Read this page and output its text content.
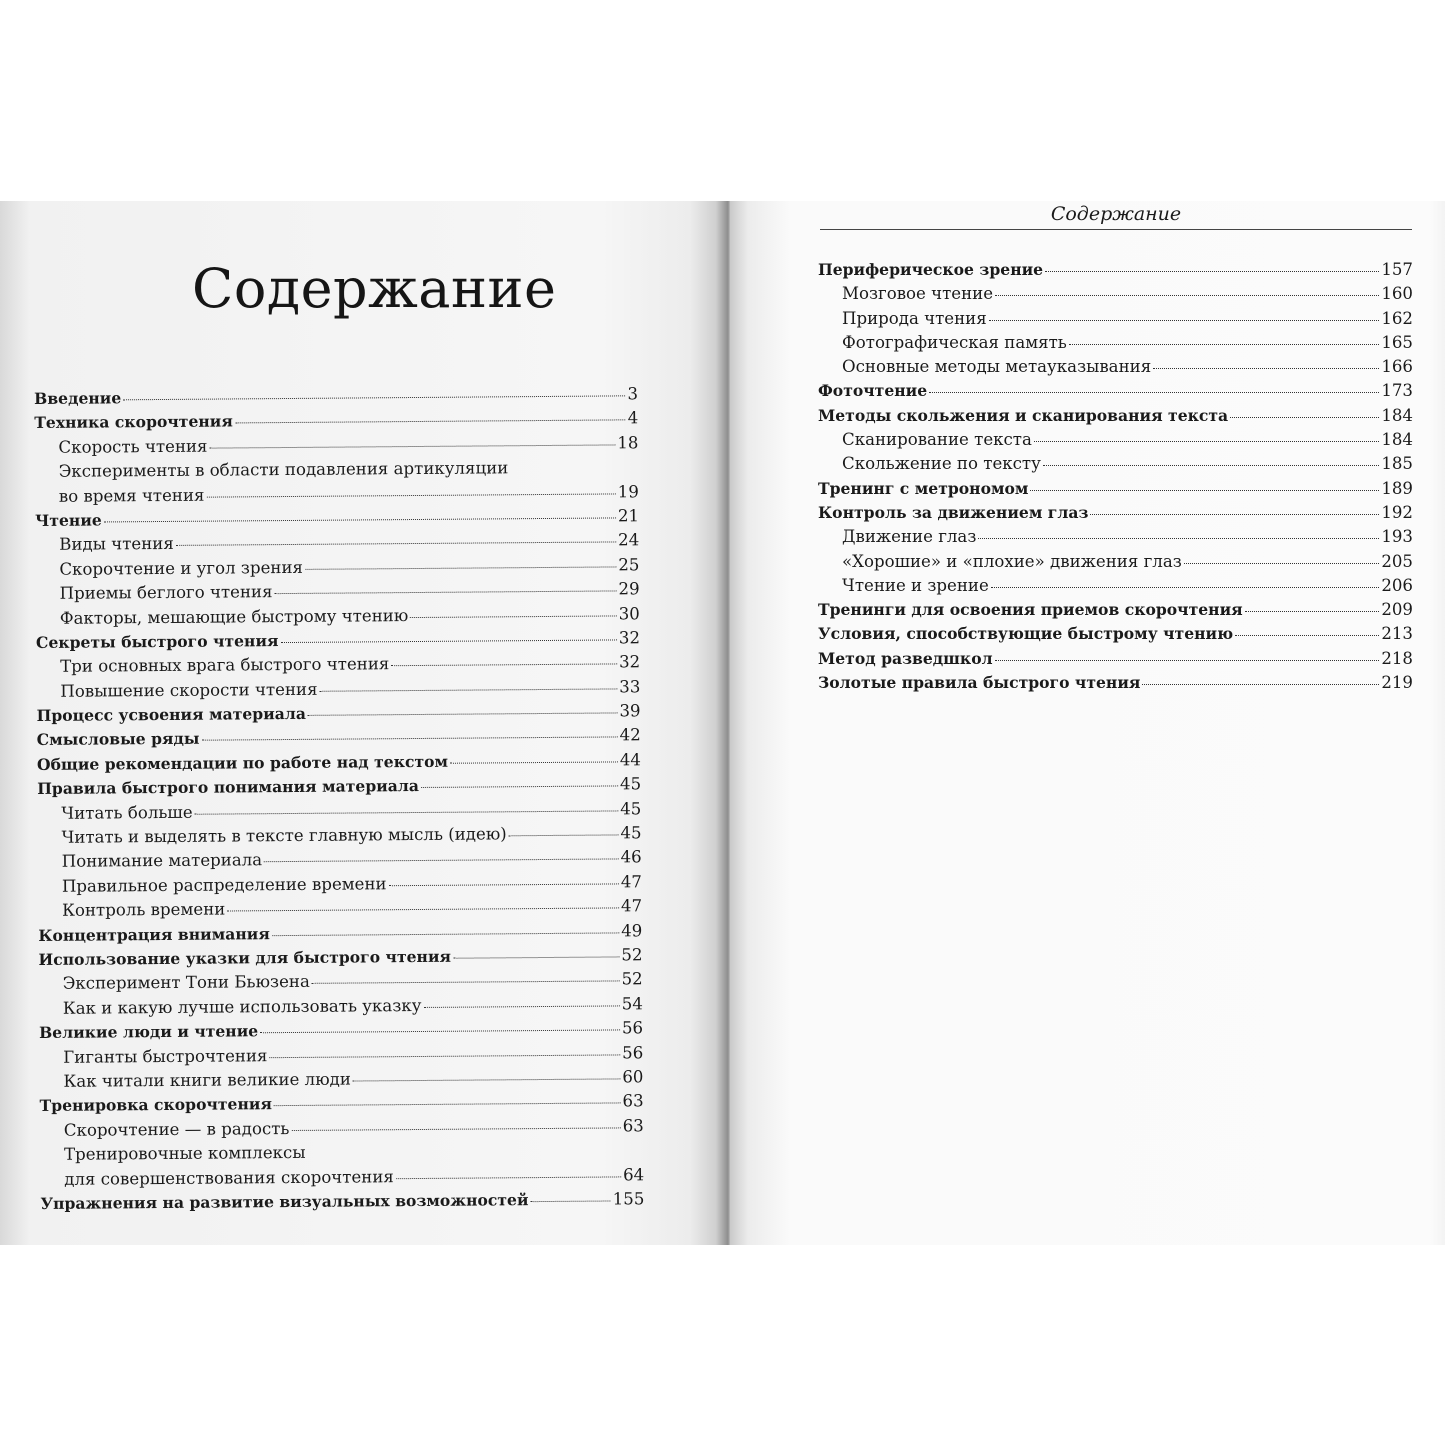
Содержание
Введение	3
Техника скорочтения	4
Скорость чтения	18
Эксперименты в области подавления артикуляции
во время чтения	19
Чтение	21
Виды чтения	24
Скорочтение и угол зрения	25
Приемы беглого чтения	29
Факторы, мешающие быстрому чтению	30
Секреты быстрого чтения	32
Три основных врага быстрого чтения	32
Повышение скорости чтения	33
Процесс усвоения материала	39
Смысловые ряды	42
Общие рекомендации по работе над текстом	44
Правила быстрого понимания материала	45
Читать больше	45
Читать и выделять в тексте главную мысль (идею)	45
Понимание материала	46
Правильное распределение времени	47
Контроль времени	47
Концентрация внимания	49
Использование указки для быстрого чтения	52
Эксперимент Тони Бьюзена	52
Как и какую лучше использовать указку	54
Великие люди и чтение	56
Гиганты быстрочтения	56
Как читали книги великие люди	60
Тренировка скорочтения	63
Скорочтение — в радость	63
Тренировочные комплексы
для совершенствования скорочтения	64
Упражнения на развитие визуальных возможностей	155
Содержание
Периферическое зрение	157
Мозговое чтение	160
Природа чтения	162
Фотографическая память	165
Основные методы метауказывания	166
Фоточтение	173
Методы скольжения и сканирования текста	184
Сканирование текста	184
Скольжение по тексту	185
Тренинг с метрономом	189
Контроль за движением глаз	192
Движение глаз	193
«Хорошие» и «плохие» движения глаз	205
Чтение и зрение	206
Тренинги для освоения приемов скорочтения	209
Условия, способствующие быстрому чтению	213
Метод разведшкол	218
Золотые правила быстрого чтения	219
